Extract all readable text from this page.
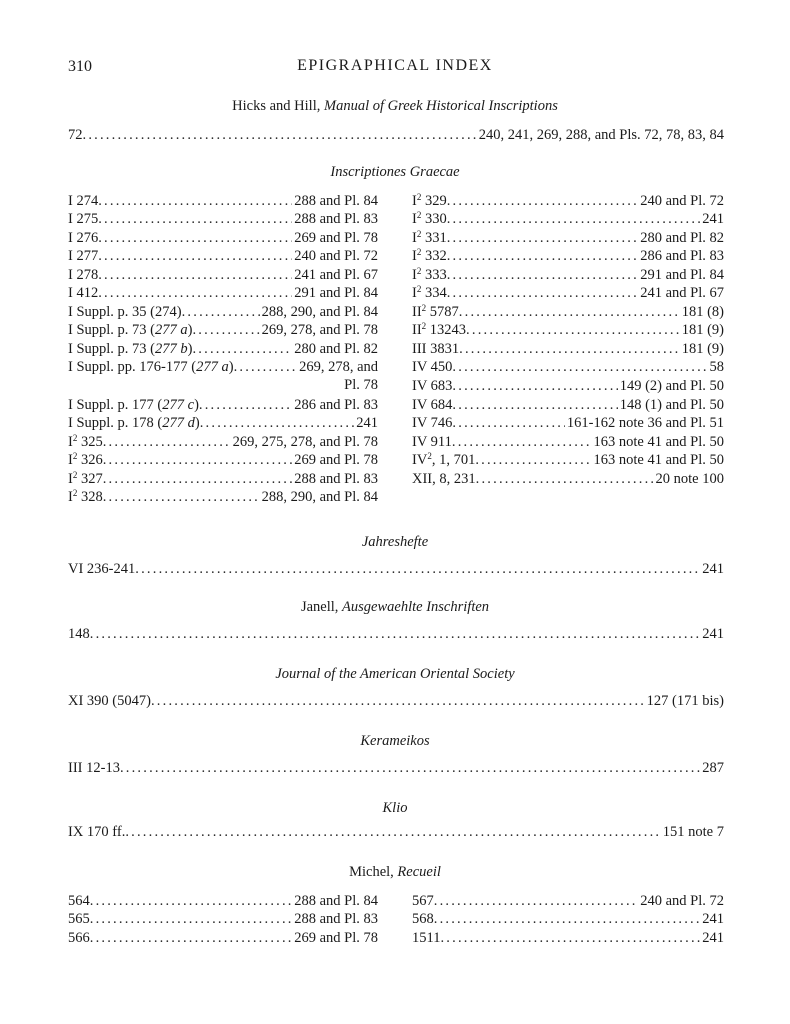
310	EPIGRAPHICAL INDEX
Hicks and Hill, Manual of Greek Historical Inscriptions
72 .....	240, 241, 269, 288, and Pls. 72, 78, 83, 84
Inscriptiones Graecae
I 274 .....	288 and Pl. 84
I 275 .....	288 and Pl. 83
I 276 .....	269 and Pl. 78
I 277 .....	240 and Pl. 72
I 278 .....	241 and Pl. 67
I 412 .....	291 and Pl. 84
I Suppl. p. 35 (274) .....	288, 290, and Pl. 84
I Suppl. p. 73 (277 a) .....	269, 278, and Pl. 78
I Suppl. p. 73 (277 b) .....	280 and Pl. 82
I Suppl. pp. 176-177 (277 a) .....	269, 278, and
Pl. 78
I Suppl. p. 177 (277 c) .....	286 and Pl. 83
I Suppl. p. 178 (277 d) .....	241
$I^2$ 325 .....	269, 275, 278, and Pl. 78
$I^2$ 326 .....	269 and Pl. 78
$I^2$ 327 .....	288 and Pl. 83
$I^2$ 328 .....	288, 290, and Pl. 84
$I^2$ 329 .....	240 and Pl. 72
$I^2$ 330 .....	241
$I^2$ 331 .....	280 and Pl. 82
$I^2$ 332 .....	286 and Pl. 83
$I^2$ 333 .....	291 and Pl. 84
$I^2$ 334 .....	241 and Pl. 67
$II^2$ 5787 .....	181 (8)
$II^2$ 13243 .....	181 (9)
III 3831 .....	181 (9)
IV 450 .....	58
IV 683 .....	149 (2) and Pl. 50
IV 684 .....	148 (1) and Pl. 50
IV 746 .....	161-162 note 36 and Pl. 51
IV 911 .....	163 note 41 and Pl. 50
$IV^2$, 1, 701 .....	163 note 41 and Pl. 50
XII, 8, 231 .....	20 note 100
Jahreshefte
VI 236-241 .....	241
Janell, Ausgewaehlte Inschriften
148 .....	241
Journal of the American Oriental Society
XI 390 (5047) .....	127 (171 bis)
Kerameikos
III 12-13 .....	287
Klio
IX 170 ff. .....	151 note 7
Michel, Recueil
564 .....	288 and Pl. 84
565 .....	288 and Pl. 83
566 .....	269 and Pl. 78
567 .....	240 and Pl. 72
568 .....	241
1511 .....	241
